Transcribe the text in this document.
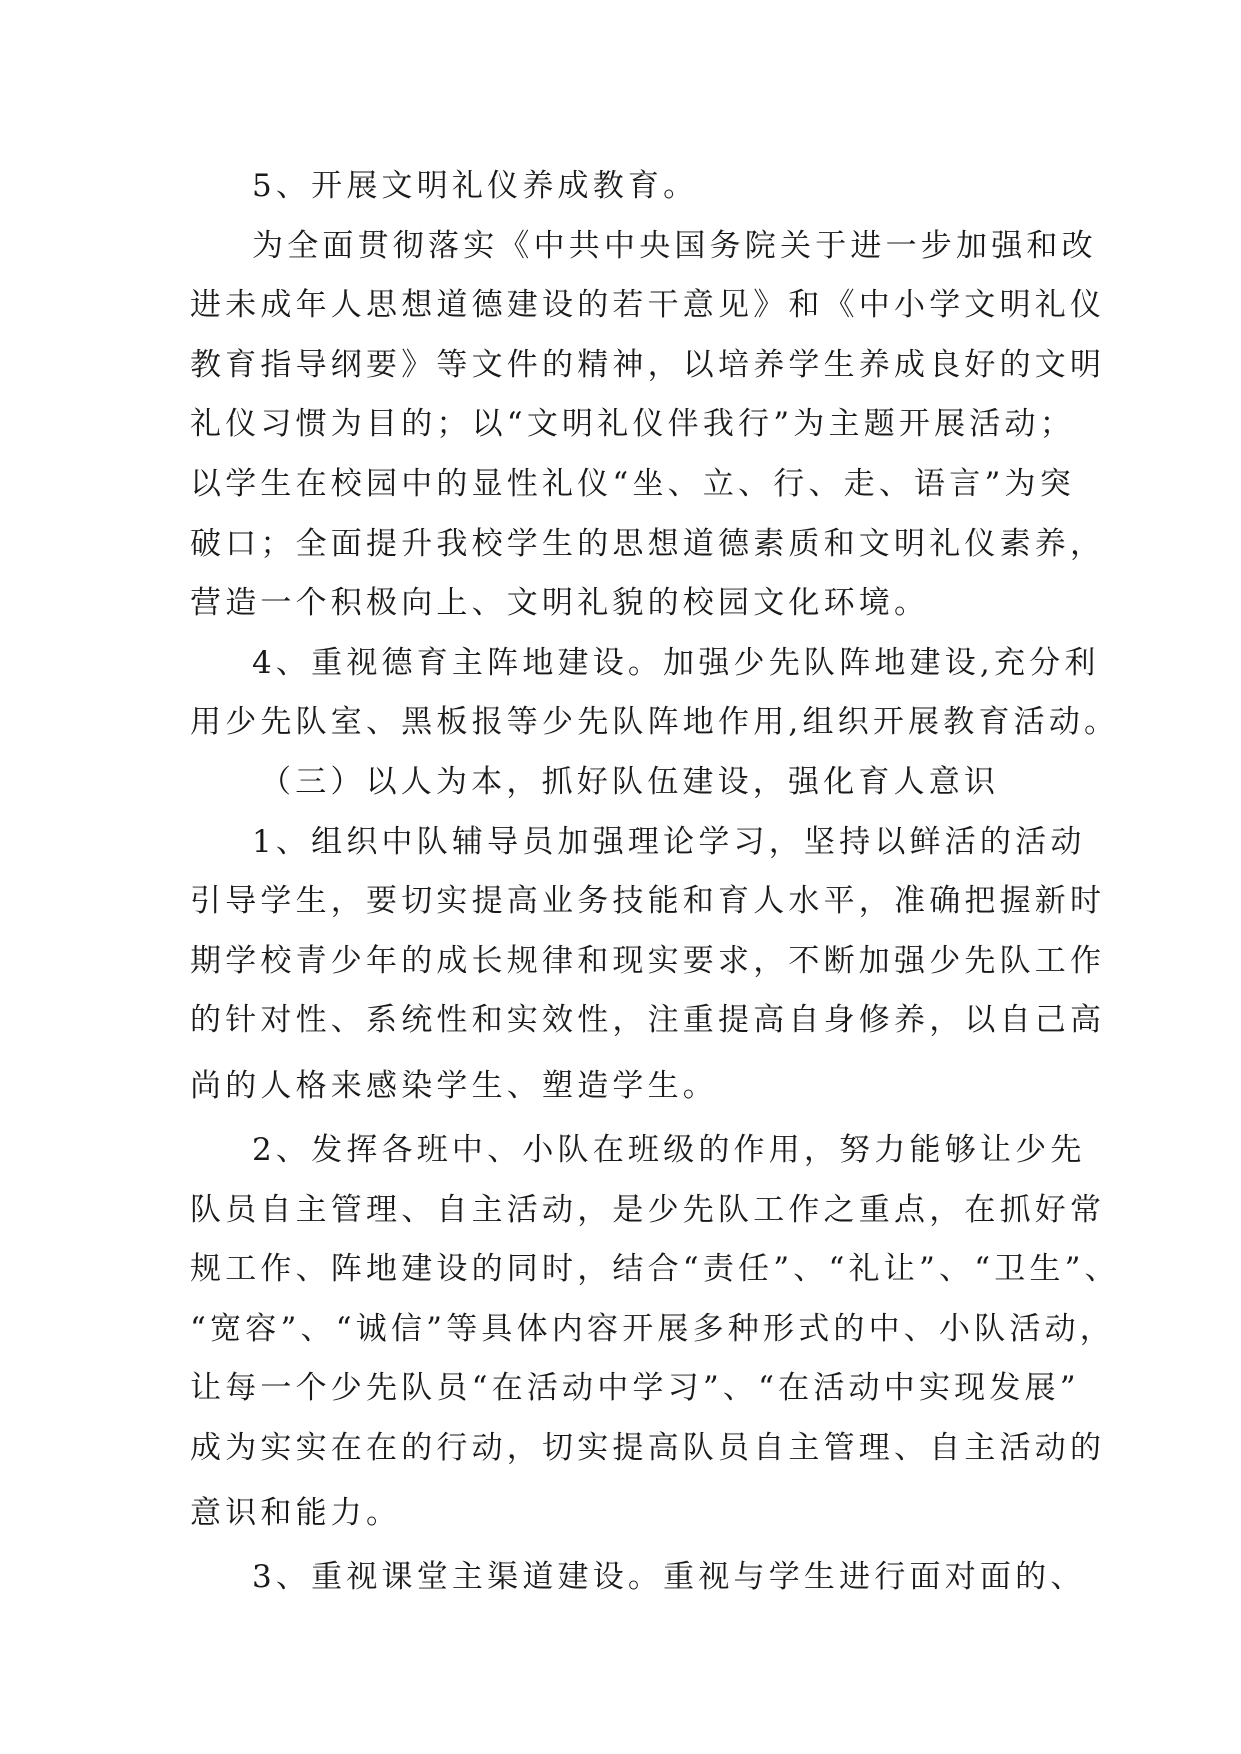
5、开展文明礼仪养成教育。
为全面贯彻落实《中共中央国务院关于进一步加强和改
进未成年人思想道德建设的若干意见》和《中小学文明礼仪
教育指导纲要》等文件的精神，以培养学生养成良好的文明
礼仪习惯为目的；以“文明礼仪伴我行”为主题开展活动；
以学生在校园中的显性礼仪“坐、立、行、走、语言”为突
破口；全面提升我校学生的思想道德素质和文明礼仪素养，
营造一个积极向上、文明礼貌的校园文化环境。
4、重视德育主阵地建设。加强少先队阵地建设,充分利
用少先队室、黑板报等少先队阵地作用,组织开展教育活动。
（三）以人为本，抓好队伍建设，强化育人意识
1、组织中队辅导员加强理论学习，坚持以鲜活的活动
引导学生，要切实提高业务技能和育人水平，准确把握新时
期学校青少年的成长规律和现实要求，不断加强少先队工作
的针对性、系统性和实效性，注重提高自身修养，以自己高
尚的人格来感染学生、塑造学生。
2、发挥各班中、小队在班级的作用，努力能够让少先
队员自主管理、自主活动，是少先队工作之重点，在抓好常
规工作、阵地建设的同时，结合“责任”、“礼让”、“卫生”、
“宽容”、“诚信”等具体内容开展多种形式的中、小队活动，
让每一个少先队员“在活动中学习”、“在活动中实现发展”
成为实实在在的行动，切实提高队员自主管理、自主活动的
意识和能力。
3、重视课堂主渠道建设。重视与学生进行面对面的、
